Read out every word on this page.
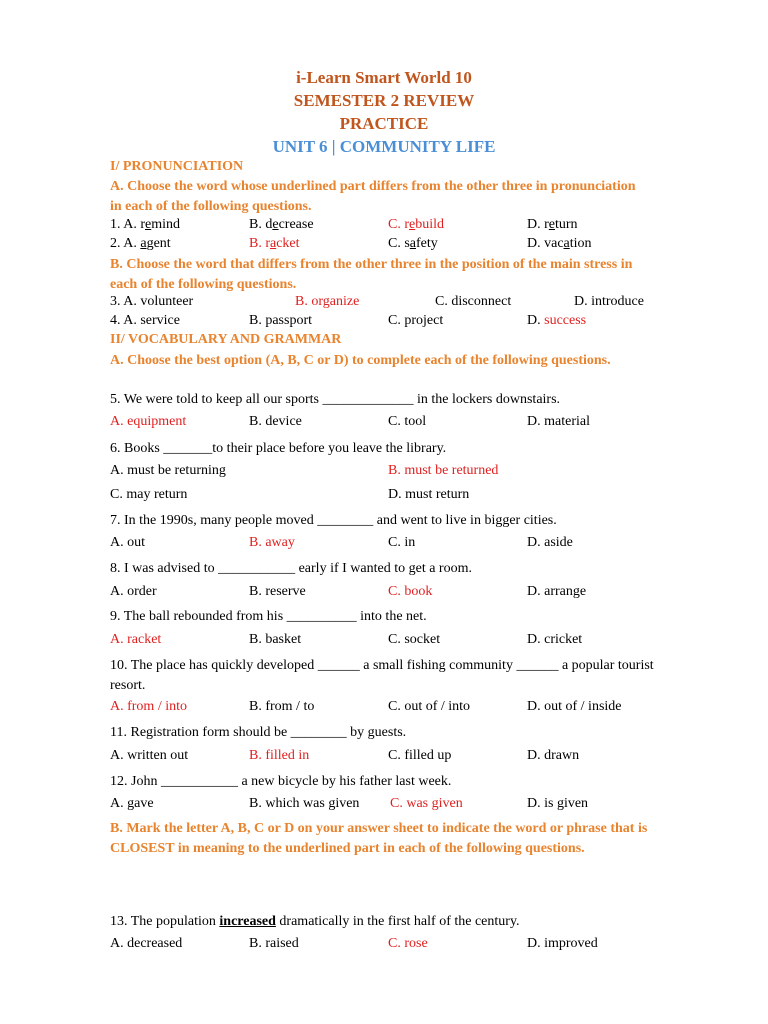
i-Learn Smart World 10
SEMESTER 2 REVIEW
PRACTICE
UNIT 6 | COMMUNITY LIFE
I/ PRONUNCIATION
A. Choose the word whose underlined part differs from the other three in pronunciation in each of the following questions.
1. A. remind	B. decrease	C. rebuild	D. return
2. A. agent	B. racket	C. safety	D. vacation
B. Choose the word that differs from the other three in the position of the main stress in each of the following questions.
3. A. volunteer	B. organize	C. disconnect	D. introduce
4. A. service	B. passport	C. project	D. success
II/ VOCABULARY AND GRAMMAR
A. Choose the best option (A, B, C or D) to complete each of the following questions.
5. We were told to keep all our sports _____________ in the lockers downstairs.
A. equipment	B. device	C. tool	D. material
6. Books _______to their place before you leave the library.
A. must be returning	B. must be returned
C. may return	D. must return
7. In the 1990s, many people moved ________ and went to live in bigger cities.
A. out	B. away	C. in	D. aside
8. I was advised to ___________ early if I wanted to get a room.
A. order	B. reserve	C. book	D. arrange
9. The ball rebounded from his __________ into the net.
A. racket	B. basket	C. socket	D. cricket
10. The place has quickly developed ______ a small fishing community ______ a popular tourist resort.
A. from / into	B. from / to	C. out of / into	D. out of / inside
11. Registration form should be ________ by guests.
A. written out	B. filled in	C. filled up	D. drawn
12. John ___________ a new bicycle by his father last week.
A. gave	B. which was given C. was given	D. is given
B. Mark the letter A, B, C or D on your answer sheet to indicate the word or phrase that is CLOSEST in meaning to the underlined part in each of the following questions.
13. The population increased dramatically in the first half of the century.
A. decreased	B. raised	C. rose	D. improved
